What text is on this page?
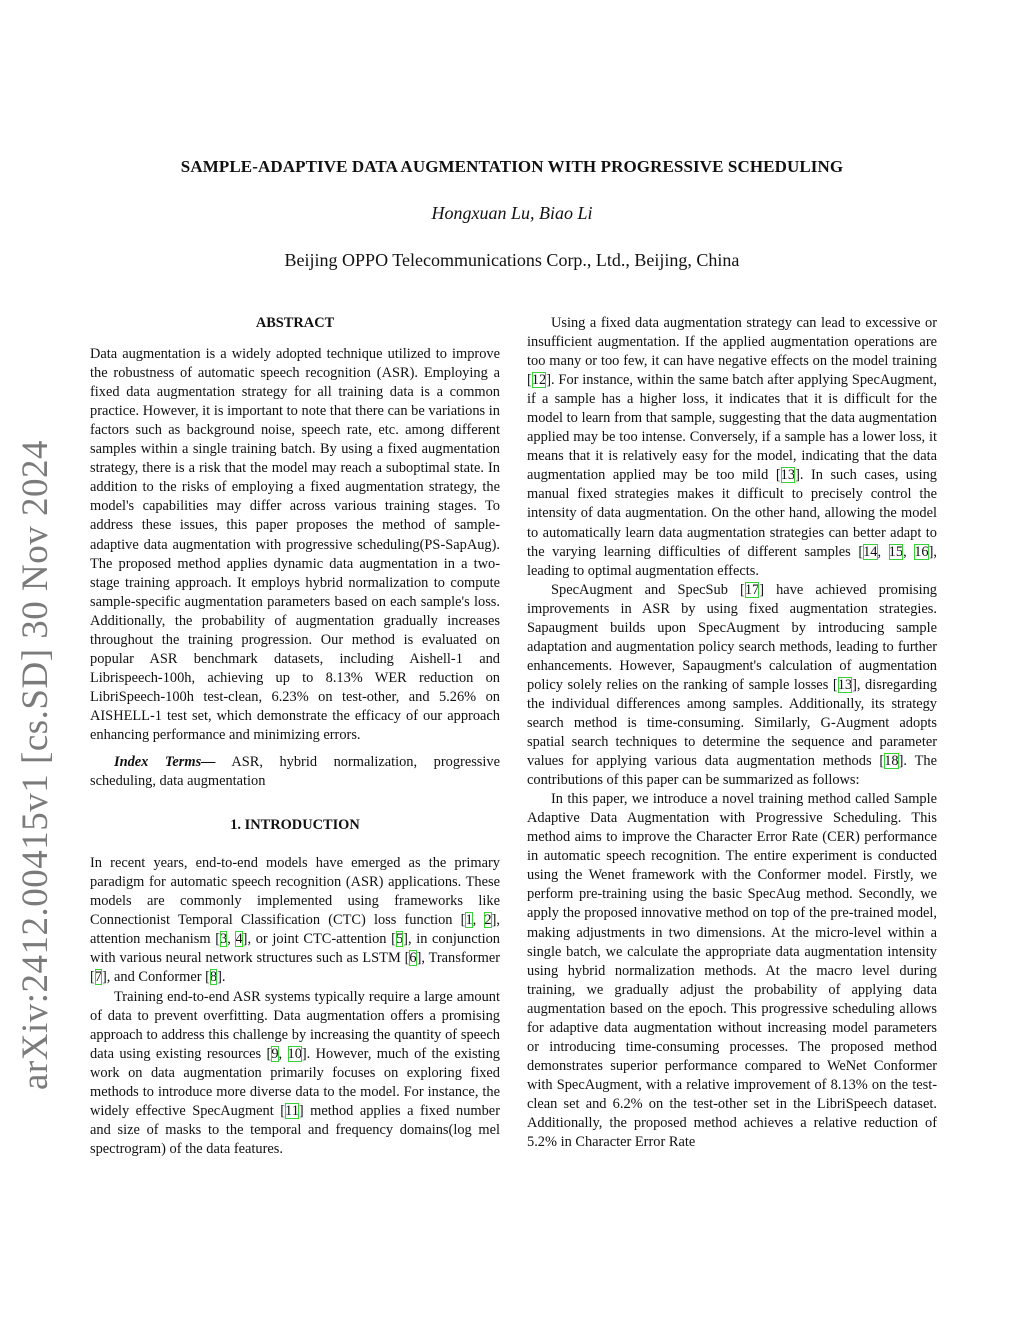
arXiv:2412.00415v1 [cs.SD] 30 Nov 2024
SAMPLE-ADAPTIVE DATA AUGMENTATION WITH PROGRESSIVE SCHEDULING
Hongxuan Lu, Biao Li
Beijing OPPO Telecommunications Corp., Ltd., Beijing, China
ABSTRACT

Data augmentation is a widely adopted technique utilized to improve the robustness of automatic speech recognition (ASR). Employing a fixed data augmentation strategy for all training data is a common practice. However, it is important to note that there can be variations in factors such as background noise, speech rate, etc. among different samples within a single training batch. By using a fixed augmentation strategy, there is a risk that the model may reach a suboptimal state. In addition to the risks of employing a fixed augmentation strategy, the model's capabilities may differ across various training stages. To address these issues, this paper proposes the method of sample-adaptive data augmentation with progressive scheduling(PS-SapAug). The proposed method applies dynamic data augmentation in a two-stage training approach. It employs hybrid normalization to compute sample-specific augmentation parameters based on each sample's loss. Additionally, the probability of augmentation gradually increases throughout the training progression. Our method is evaluated on popular ASR benchmark datasets, including Aishell-1 and Librispeech-100h, achieving up to 8.13% WER reduction on LibriSpeech-100h test-clean, 6.23% on test-other, and 5.26% on AISHELL-1 test set, which demonstrate the efficacy of our approach enhancing performance and minimizing errors.

Index Terms— ASR, hybrid normalization, progressive scheduling, data augmentation

1. INTRODUCTION

In recent years, end-to-end models have emerged as the primary paradigm for automatic speech recognition (ASR) applications. These models are commonly implemented using frameworks like Connectionist Temporal Classification (CTC) loss function [1, 2], attention mechanism [3, 4], or joint CTC-attention [5], in conjunction with various neural network structures such as LSTM [6], Transformer [7], and Conformer [8].

Training end-to-end ASR systems typically require a large amount of data to prevent overfitting. Data augmentation offers a promising approach to address this challenge by increasing the quantity of speech data using existing resources [9, 10]. However, much of the existing work on data augmentation primarily focuses on exploring fixed methods to introduce more diverse data to the model. For instance, the widely effective SpecAugment [11] method applies a fixed number and size of masks to the temporal and frequency domains(log mel spectrogram) of the data features.

Using a fixed data augmentation strategy can lead to excessive or insufficient augmentation. If the applied augmentation operations are too many or too few, it can have negative effects on the model training [12]. For instance, within the same batch after applying SpecAugment, if a sample has a higher loss, it indicates that it is difficult for the model to learn from that sample, suggesting that the data augmentation applied may be too intense. Conversely, if a sample has a lower loss, it means that it is relatively easy for the model, indicating that the data augmentation applied may be too mild [13]. In such cases, using manual fixed strategies makes it difficult to precisely control the intensity of data augmentation. On the other hand, allowing the model to automatically learn data augmentation strategies can better adapt to the varying learning difficulties of different samples [14, 15, 16], leading to optimal augmentation effects.

SpecAugment and SpecSub [17] have achieved promising improvements in ASR by using fixed augmentation strategies. Sapaugment builds upon SpecAugment by introducing sample adaptation and augmentation policy search methods, leading to further enhancements. However, Sapaugment's calculation of augmentation policy solely relies on the ranking of sample losses [13], disregarding the individual differences among samples. Additionally, its strategy search method is time-consuming. Similarly, G-Augment adopts spatial search techniques to determine the sequence and parameter values for applying various data augmentation methods [18]. The contributions of this paper can be summarized as follows:

In this paper, we introduce a novel training method called Sample Adaptive Data Augmentation with Progressive Scheduling. This method aims to improve the Character Error Rate (CER) performance in automatic speech recognition. The entire experiment is conducted using the Wenet framework with the Conformer model. Firstly, we perform pre-training using the basic SpecAug method. Secondly, we apply the proposed innovative method on top of the pre-trained model, making adjustments in two dimensions. At the micro-level within a single batch, we calculate the appropriate data augmentation intensity using hybrid normalization methods. At the macro level during training, we gradually adjust the probability of applying data augmentation based on the epoch. This progressive scheduling allows for adaptive data augmentation without increasing model parameters or introducing time-consuming processes. The proposed method demonstrates superior performance compared to WeNet Conformer with SpecAugment, with a relative improvement of 8.13% on the test-clean set and 6.2% on the test-other set in the LibriSpeech dataset. Additionally, the proposed method achieves a relative reduction of 5.2% in Character Error Rate
